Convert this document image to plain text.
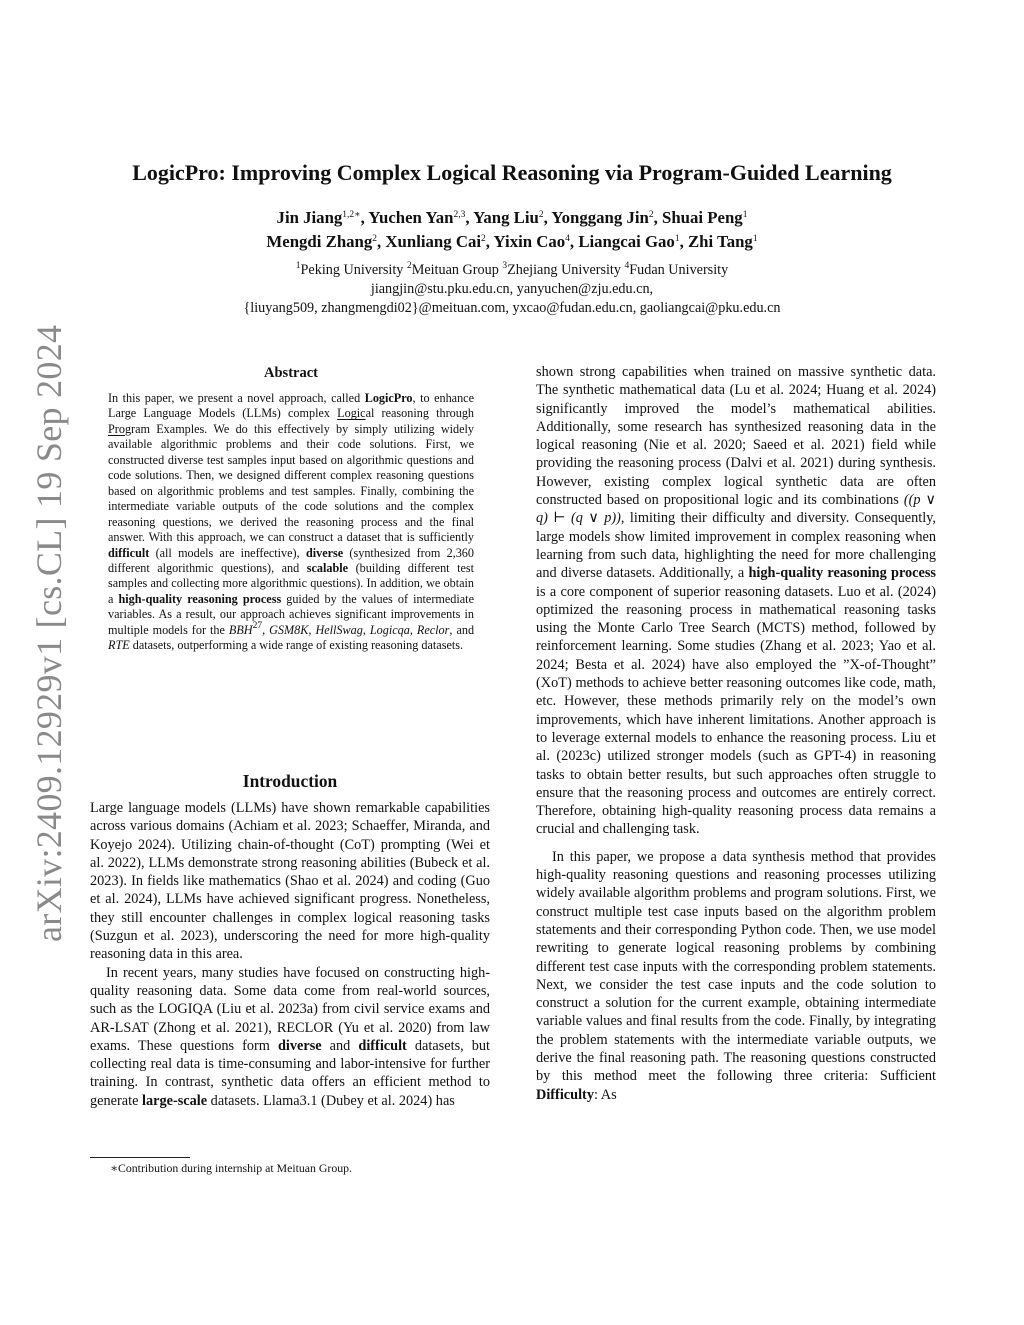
arXiv:2409.12929v1 [cs.CL] 19 Sep 2024
LogicPro: Improving Complex Logical Reasoning via Program-Guided Learning
Jin Jiang$^{1,2∗}$, Yuchen Yan$^{2,3}$, Yang Liu$^2$, Yonggang Jin$^2$, Shuai Peng$^1$
Mengdi Zhang$^2$, Xunliang Cai$^2$, Yixin Cao$^4$, Liangcai Gao$^1$, Zhi Tang$^1$
$^1$Peking University $^2$Meituan Group $^3$Zhejiang University $^4$Fudan University
jiangjin@stu.pku.edu.cn, yanyuchen@zju.edu.cn,
{liuyang509, zhangmengdi02}@meituan.com, yxcao@fudan.edu.cn, gaoliangcai@pku.edu.cn
Abstract
In this paper, we present a novel approach, called LogicPro, to enhance Large Language Models (LLMs) complex Logical reasoning through Program Examples. We do this effectively by simply utilizing widely available algorithmic problems and their code solutions. First, we constructed diverse test samples input based on algorithmic questions and code solutions. Then, we designed different complex reasoning questions based on algorithmic problems and test samples. Finally, combining the intermediate variable outputs of the code solutions and the complex reasoning questions, we derived the reasoning process and the final answer. With this approach, we can construct a dataset that is sufficiently difficult (all models are ineffective), diverse (synthesized from 2,360 different algorithmic questions), and scalable (building different test samples and collecting more algorithmic questions). In addition, we obtain a high-quality reasoning process guided by the values of intermediate variables. As a result, our approach achieves significant improvements in multiple models for the BBH$^{27}$, GSM8K, HellSwag, Logicqa, Reclor, and RTE datasets, outperforming a wide range of existing reasoning datasets.
Introduction

Large language models (LLMs) have shown remarkable capabilities across various domains (Achiam et al. 2023; Schaeffer, Miranda, and Koyejo 2024). Utilizing chain-of-thought (CoT) prompting (Wei et al. 2022), LLMs demonstrate strong reasoning abilities (Bubeck et al. 2023). In fields like mathematics (Shao et al. 2024) and coding (Guo et al. 2024), LLMs have achieved significant progress. Nonetheless, they still encounter challenges in complex logical reasoning tasks (Suzgun et al. 2023), underscoring the need for more high-quality reasoning data in this area.

In recent years, many studies have focused on constructing high-quality reasoning data. Some data come from real-world sources, such as the LOGIQA (Liu et al. 2023a) from civil service exams and AR-LSAT (Zhong et al. 2021), RECLOR (Yu et al. 2020) from law exams. These questions form diverse and difficult datasets, but collecting real data is time-consuming and labor-intensive for further training. In contrast, synthetic data offers an efficient method to generate large-scale datasets. Llama3.1 (Dubey et al. 2024) has

∗Contribution during internship at Meituan Group.

shown strong capabilities when trained on massive synthetic data. The synthetic mathematical data (Lu et al. 2024; Huang et al. 2024) significantly improved the model’s mathematical abilities. Additionally, some research has synthesized reasoning data in the logical reasoning (Nie et al. 2020; Saeed et al. 2021) field while providing the reasoning process (Dalvi et al. 2021) during synthesis. However, existing complex logical synthetic data are often constructed based on propositional logic and its combinations ((p ∨ q) ⊢ (q ∨ p)), limiting their difficulty and diversity. Consequently, large models show limited improvement in complex reasoning when learning from such data, highlighting the need for more challenging and diverse datasets. Additionally, a high-quality reasoning process is a core component of superior reasoning datasets. Luo et al. (2024) optimized the reasoning process in mathematical reasoning tasks using the Monte Carlo Tree Search (MCTS) method, followed by reinforcement learning. Some studies (Zhang et al. 2023; Yao et al. 2024; Besta et al. 2024) have also employed the ”X-of-Thought” (XoT) methods to achieve better reasoning outcomes like code, math, etc. However, these methods primarily rely on the model’s own improvements, which have inherent limitations. Another approach is to leverage external models to enhance the reasoning process. Liu et al. (2023c) utilized stronger models (such as GPT-4) in reasoning tasks to obtain better results, but such approaches often struggle to ensure that the reasoning process and outcomes are entirely correct. Therefore, obtaining high-quality reasoning process data remains a crucial and challenging task.

In this paper, we propose a data synthesis method that provides high-quality reasoning questions and reasoning processes utilizing widely available algorithm problems and program solutions. First, we construct multiple test case inputs based on the algorithm problem statements and their corresponding Python code. Then, we use model rewriting to generate logical reasoning problems by combining different test case inputs with the corresponding problem statements. Next, we consider the test case inputs and the code solution to construct a solution for the current example, obtaining intermediate variable values and final results from the code. Finally, by integrating the problem statements with the intermediate variable outputs, we derive the final reasoning path. The reasoning questions constructed by this method meet the following three criteria: Sufficient Difficulty: As
